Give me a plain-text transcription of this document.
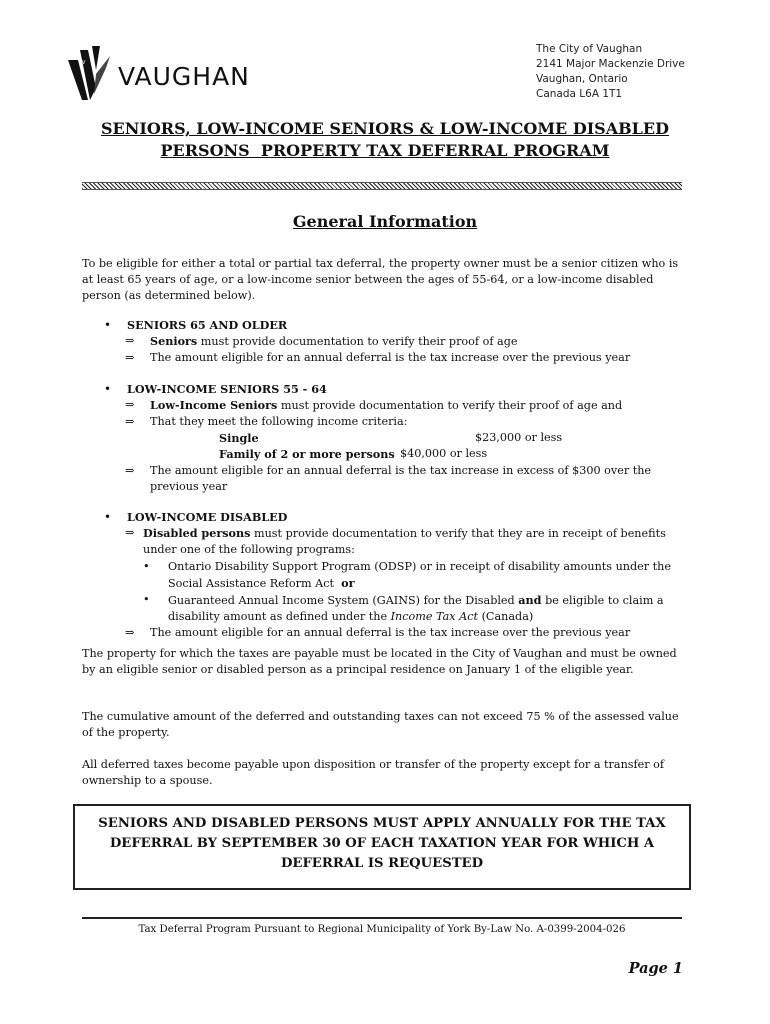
V VAUGHAN
The City of Vaughan
2141 Major Mackenzie Drive
Vaughan, Ontario
Canada L6A 1T1
SENIORS, LOW-INCOME SENIORS & LOW-INCOME DISABLED
PERSONS  PROPERTY TAX DEFERRAL PROGRAM
General Information
To be eligible for either a total or partial tax deferral, the property owner must be a senior citizen who is at least 65 years of age, or a low-income senior between the ages of 55-64, or a low-income disabled person (as determined below).
• SENIORS 65 AND OLDER
⇒ Seniors must provide documentation to verify their proof of age
⇒ The amount eligible for an annual deferral is the tax increase over the previous year
• LOW-INCOME SENIORS 55 - 64
⇒ Low-Income Seniors must provide documentation to verify their proof of age and
⇒ That they meet the following income criteria:
Single	$23,000 or less
Family of 2 or more persons $40,000 or less
⇒ The amount eligible for an annual deferral is the tax increase in excess of $300 over the previous year
• LOW-INCOME DISABLED
⇒ Disabled persons must provide documentation to verify that they are in receipt of benefits under one of the following programs:
• Ontario Disability Support Program (ODSP) or in receipt of disability amounts under the Social Assistance Reform Act or
• Guaranteed Annual Income System (GAINS) for the Disabled and be eligible to claim a disability amount as defined under the Income Tax Act (Canada)
⇒ The amount eligible for an annual deferral is the tax increase over the previous year
The property for which the taxes are payable must be located in the City of Vaughan and must be owned by an eligible senior or disabled person as a principal residence on January 1 of the eligible year.
The cumulative amount of the deferred and outstanding taxes can not exceed 75 % of the assessed value of the property.
All deferred taxes become payable upon disposition or transfer of the property except for a transfer of ownership to a spouse.
SENIORS AND DISABLED PERSONS MUST APPLY ANNUALLY FOR THE TAX
DEFERRAL BY SEPTEMBER 30 OF EACH TAXATION YEAR FOR WHICH A
DEFERRAL IS REQUESTED
Tax Deferral Program Pursuant to Regional Municipality of York By-Law No. A-0399-2004-026
Page 1
